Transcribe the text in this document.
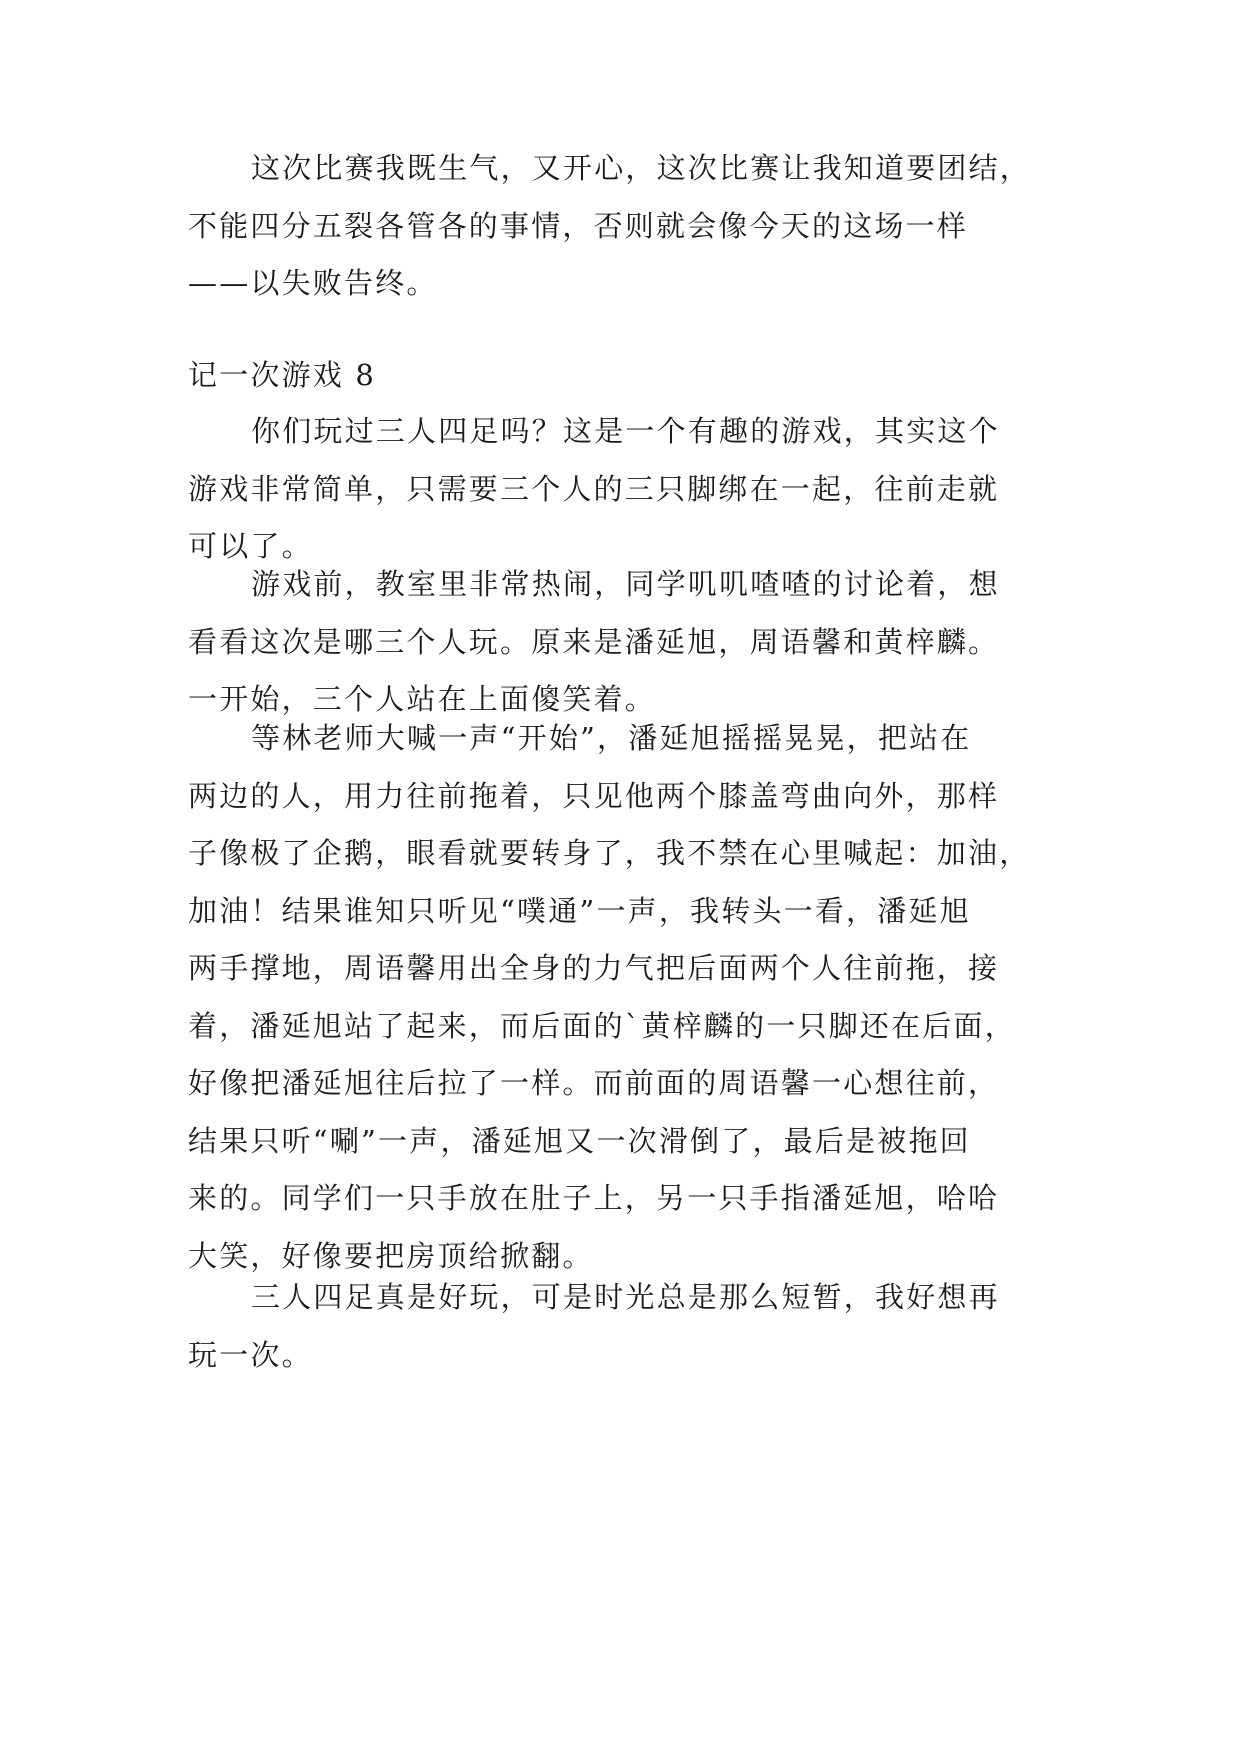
这次比赛我既生气，又开心，这次比赛让我知道要团结，
不能四分五裂各管各的事情，否则就会像今天的这场一样
——以失败告终。
记一次游戏 8
你们玩过三人四足吗？这是一个有趣的游戏，其实这个
游戏非常简单，只需要三个人的三只脚绑在一起，往前走就
可以了。
游戏前，教室里非常热闹，同学叽叽喳喳的讨论着，想
看看这次是哪三个人玩。原来是潘延旭，周语馨和黄梓麟。
一开始，三个人站在上面傻笑着。
等林老师大喊一声“开始”，潘延旭摇摇晃晃，把站在
两边的人，用力往前拖着，只见他两个膝盖弯曲向外，那样
子像极了企鹅，眼看就要转身了，我不禁在心里喊起：加油，
加油！结果谁知只听见“噗通”一声，我转头一看，潘延旭
两手撑地，周语馨用出全身的力气把后面两个人往前拖，接
着，潘延旭站了起来，而后面的`黄梓麟的一只脚还在后面，
好像把潘延旭往后拉了一样。而前面的周语馨一心想往前，
结果只听“唰”一声，潘延旭又一次滑倒了，最后是被拖回
来的。同学们一只手放在肚子上，另一只手指潘延旭，哈哈
大笑，好像要把房顶给掀翻。
三人四足真是好玩，可是时光总是那么短暂，我好想再
玩一次。
